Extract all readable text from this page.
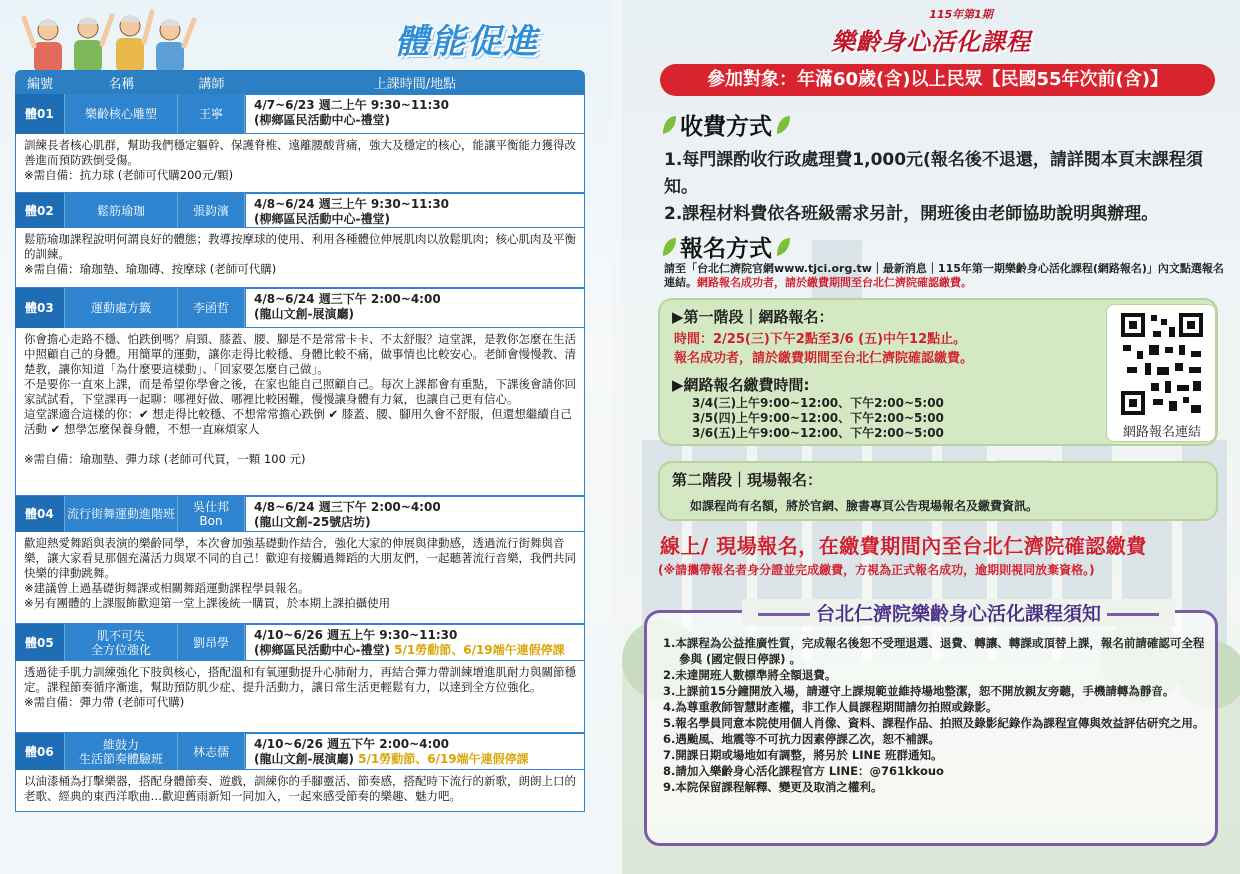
體能促進
編號	名稱	講師	上課時間/地點
體01	樂齡核心雕塑	王寧
4/7~6/23 週二上午 9:30~11:30
(柳鄉區民活動中心-禮堂)

訓練長者核心肌群，幫助我們穩定軀幹、保護脊椎、遠離腰酸背痛，強大及穩定的核心，能讓平衡能力獲得改善進而預防跌倒受傷。
※需自備：抗力球 (老師可代購200元/顆)

體02	鬆筋瑜珈	張鈞濱	4/8~6/24 週三上午 9:30~11:30
(柳鄉區民活動中心-禮堂)

鬆筋瑜珈課程說明何謂良好的體態；教導按摩球的使用、利用各種體位伸展肌肉以放鬆肌肉；核心肌肉及平衡的訓練。
※需自備：瑜珈墊、瑜珈磚、按摩球 (老師可代購)

體03	運動處方籤	李函哲
4/8~6/24 週三下午 2:00~4:00
(龍山文創-展演廳)

你會擔心走路不穩、怕跌倒嗎？肩頸、膝蓋、腰、腳是不是常常卡卡、不太舒服？這堂課，是教你怎麼在生活中照顧自己的身體。用簡單的運動，讓你走得比較穩、身體比較不痛，做事情也比較安心。老師會慢慢教、清楚教，讓你知道「為什麼要這樣動」、「回家要怎麼自己做」。
不是要你一直來上課，而是希望你學會之後，在家也能自己照顧自己。每次上課都會有重點，下課後會請你回家試試看，下堂課再一起聊：哪裡好做、哪裡比較困難，慢慢讓身體有力氣，也讓自己更有信心。
這堂課適合這樣的你：✔ 想走得比較穩、不想常常擔心跌倒 ✔ 膝蓋、腰、腳用久會不舒服，但還想繼續自己活動 ✔ 想學怎麼保養身體，不想一直麻煩家人

※需自備：瑜珈墊、彈力球 (老師可代買，一顆 100 元)

體04	流行街舞運動進階班	吳仕邦
Bon
4/8~6/24 週三下午 2:00~4:00
(龍山文創-25號店坊)

歡迎熱愛舞蹈與表演的樂齡同學，本次會加強基礎動作結合，強化大家的伸展與律動感，透過流行街舞與音樂，讓大家看見那個充滿活力與眾不同的自己！歡迎有接觸過舞蹈的大朋友們，一起聽著流行音樂，我們共同快樂的律動跳舞。
※建議曾上過基礎街舞課或相關舞蹈運動課程學員報名。
※另有團體的上課服飾歡迎第一堂上課後統一購買，於本期上課拍攝使用

體05	肌不可失
全方位強化	劉昂學
4/10~6/26 週五上午 9:30~11:30
(柳鄉區民活動中心-禮堂) 5/1勞動節、6/19端午連假停課

透過徒手肌力訓練強化下肢與核心，搭配溫和有氧運動提升心肺耐力，再結合彈力帶訓練增進肌耐力與關節穩定。課程節奏循序漸進，幫助預防肌少症、提升活動力，讓日常生活更輕鬆有力，以達到全方位強化。
※需自備：彈力帶 (老師可代購)

體06	維鼓力
生活節奏體驗班	林志儒
4/10~6/26 週五下午 2:00~4:00
(龍山文創-展演廳) 5/1勞動節、6/19端午連假停課

以油漆桶為打擊樂器，搭配身體節奏、遊戲，訓練你的手腳靈活、節奏感，搭配時下流行的新歌，朗朗上口的老歌、經典的東西洋歌曲…歡迎舊雨新知一同加入，一起來感受節奏的樂趣、魅力吧。

115年第1期
樂齡身心活化課程
參加對象：年滿60歲(含)以上民眾【民國55年次前(含)】
收費方式
1.每門課酌收行政處理費1,000元(報名後不退還，請詳閱本頁末課程須知。
2.課程材料費依各班級需求另計，開班後由老師協助說明與辦理。
報名方式
請至「台北仁濟院官網www.tjci.org.tw｜最新消息｜115年第一期樂齡身心活化課程(網路報名)」內文點選報名連結。網路報名成功者，請於繳費期間至台北仁濟院確認繳費。
▶第一階段｜網路報名：
時間：2/25(三)下午2點至3/6 (五)中午12點止。
報名成功者，請於繳費期間至台北仁濟院確認繳費。
▶網路報名繳費時間:
3/4(三)上午9:00~12:00、下午2:00~5:00
3/5(四)上午9:00~12:00、下午2:00~5:00
3/6(五)上午9:00~12:00、下午2:00~5:00	網路報名連結
第二階段｜現場報名：
如課程尚有名額，將於官網、臉書專頁公告現場報名及繳費資訊。
線上/ 現場報名，在繳費期間內至台北仁濟院確認繳費
(※請攜帶報名者身分證並完成繳費，方視為正式報名成功，逾期則視同放棄資格。)
台北仁濟院樂齡身心活化課程須知
1.本課程為公益推廣性質，完成報名後恕不受理退選、退費、轉讓、轉課或頂替上課，報名前請確認可全程參與 (國定假日停課) 。
2.未達開班人數標準將全額退費。
3.上課前15分鐘開放入場，請遵守上課規範並維持場地整潔，恕不開放親友旁聽，手機請轉為靜音。
4.為尊重教師智慧財產權，非工作人員課程期間請勿拍照或錄影。
5.報名學員同意本院使用個人肖像、資料、課程作品、拍照及錄影紀錄作為課程宣傳與效益評估研究之用。
6.遇颱風、地震等不可抗力因素停課乙次，恕不補課。
7.開課日期或場地如有調整，將另於 LINE 班群通知。
8.請加入樂齡身心活化課程官方 LINE：@761kkouo
9.本院保留課程解釋、變更及取消之權利。
